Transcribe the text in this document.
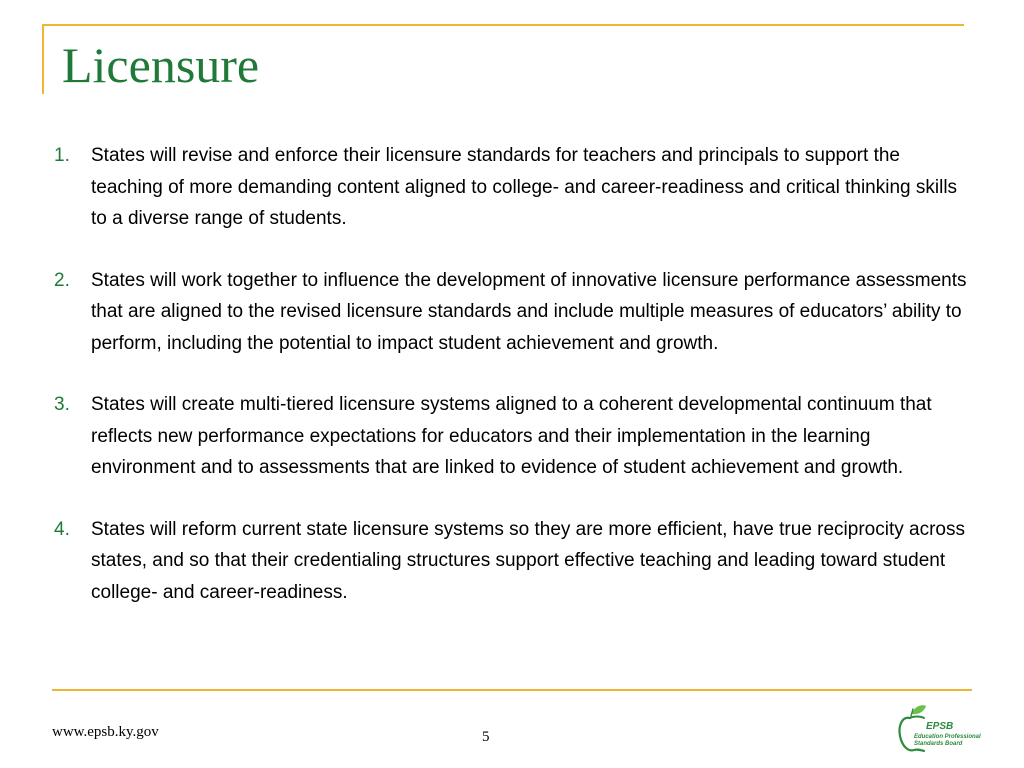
Licensure
1.	States will revise and enforce their licensure standards for teachers and principals to support the teaching of more demanding content aligned to college- and career-readiness and critical thinking skills to a diverse range of students.
2.	States will work together to influence the development of innovative licensure performance assessments that are aligned to the revised licensure standards and include multiple measures of educators’ ability to perform, including the potential to impact student achievement and growth.
3.	States will create multi-tiered licensure systems aligned to a coherent developmental continuum that reflects new performance expectations for educators and their implementation in the learning environment and to assessments that are linked to evidence of student achievement and growth.
4.	States will reform current state licensure systems so they are more efficient, have true reciprocity across states, and so that their credentialing structures support effective teaching and leading toward student college- and career-readiness.
www.epsb.ky.gov	5
EPSB
Education Professional
Standards Board
